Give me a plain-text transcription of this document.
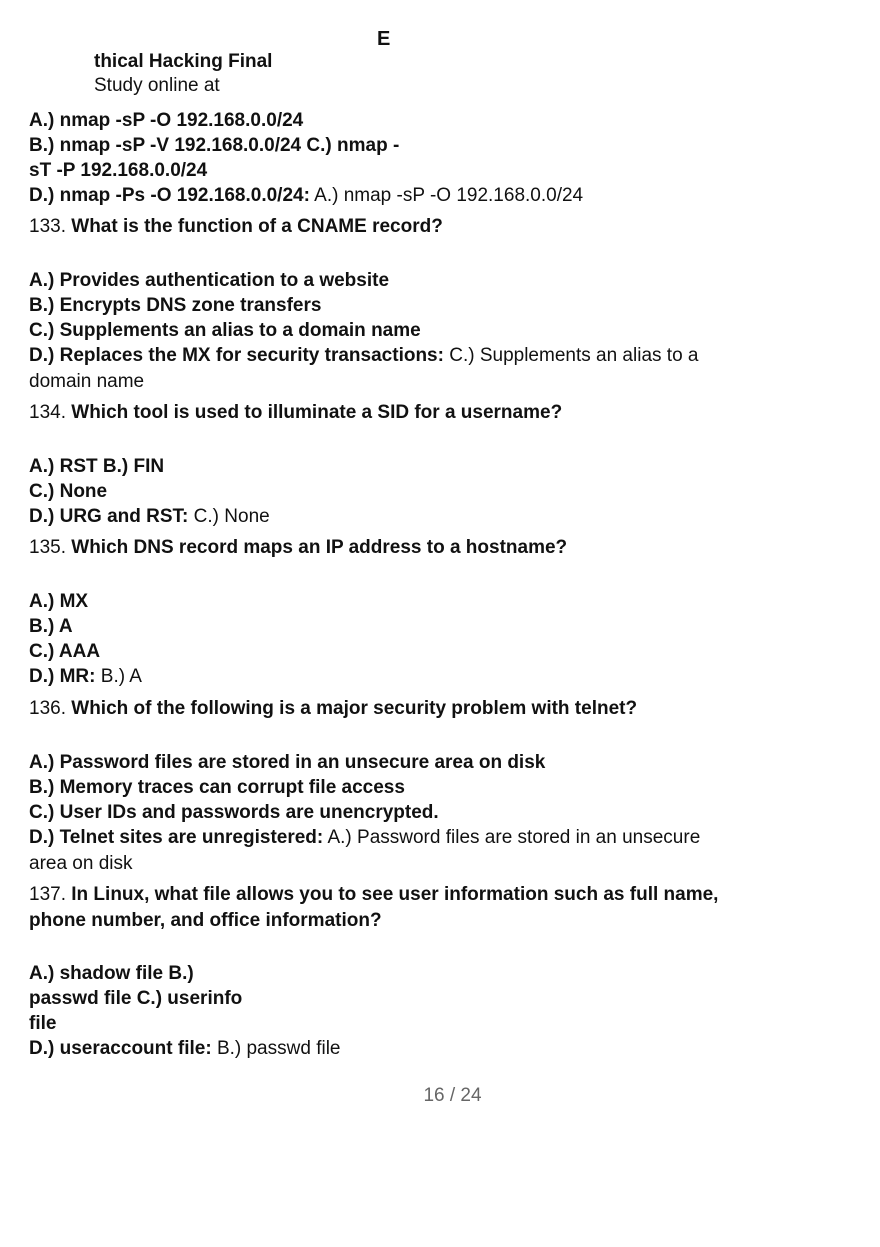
E
thical Hacking Final
Study online at
A.) nmap -sP -O 192.168.0.0/24
B.) nmap -sP -V 192.168.0.0/24 C.) nmap -
sT -P 192.168.0.0/24
D.) nmap -Ps -O 192.168.0.0/24: A.) nmap -sP -O 192.168.0.0/24
133. What is the function of a CNAME record?
A.) Provides authentication to a website
B.) Encrypts DNS zone transfers
C.) Supplements an alias to a domain name
D.) Replaces the MX for security transactions: C.) Supplements an alias to a
domain name
134. Which tool is used to illuminate a SID for a username?
A.) RST B.) FIN
C.) None
D.) URG and RST: C.) None
135. Which DNS record maps an IP address to a hostname?
A.) MX
B.) A
C.) AAA
D.) MR: B.) A
136. Which of the following is a major security problem with telnet?
A.) Password files are stored in an unsecure area on disk
B.) Memory traces can corrupt file access
C.) User IDs and passwords are unencrypted.
D.) Telnet sites are unregistered: A.) Password files are stored in an unsecure
area on disk
137. In Linux, what file allows you to see user information such as full name,
phone number, and office information?
A.) shadow file B.)
passwd file C.) userinfo
file
D.) useraccount file: B.) passwd file
16 / 24
